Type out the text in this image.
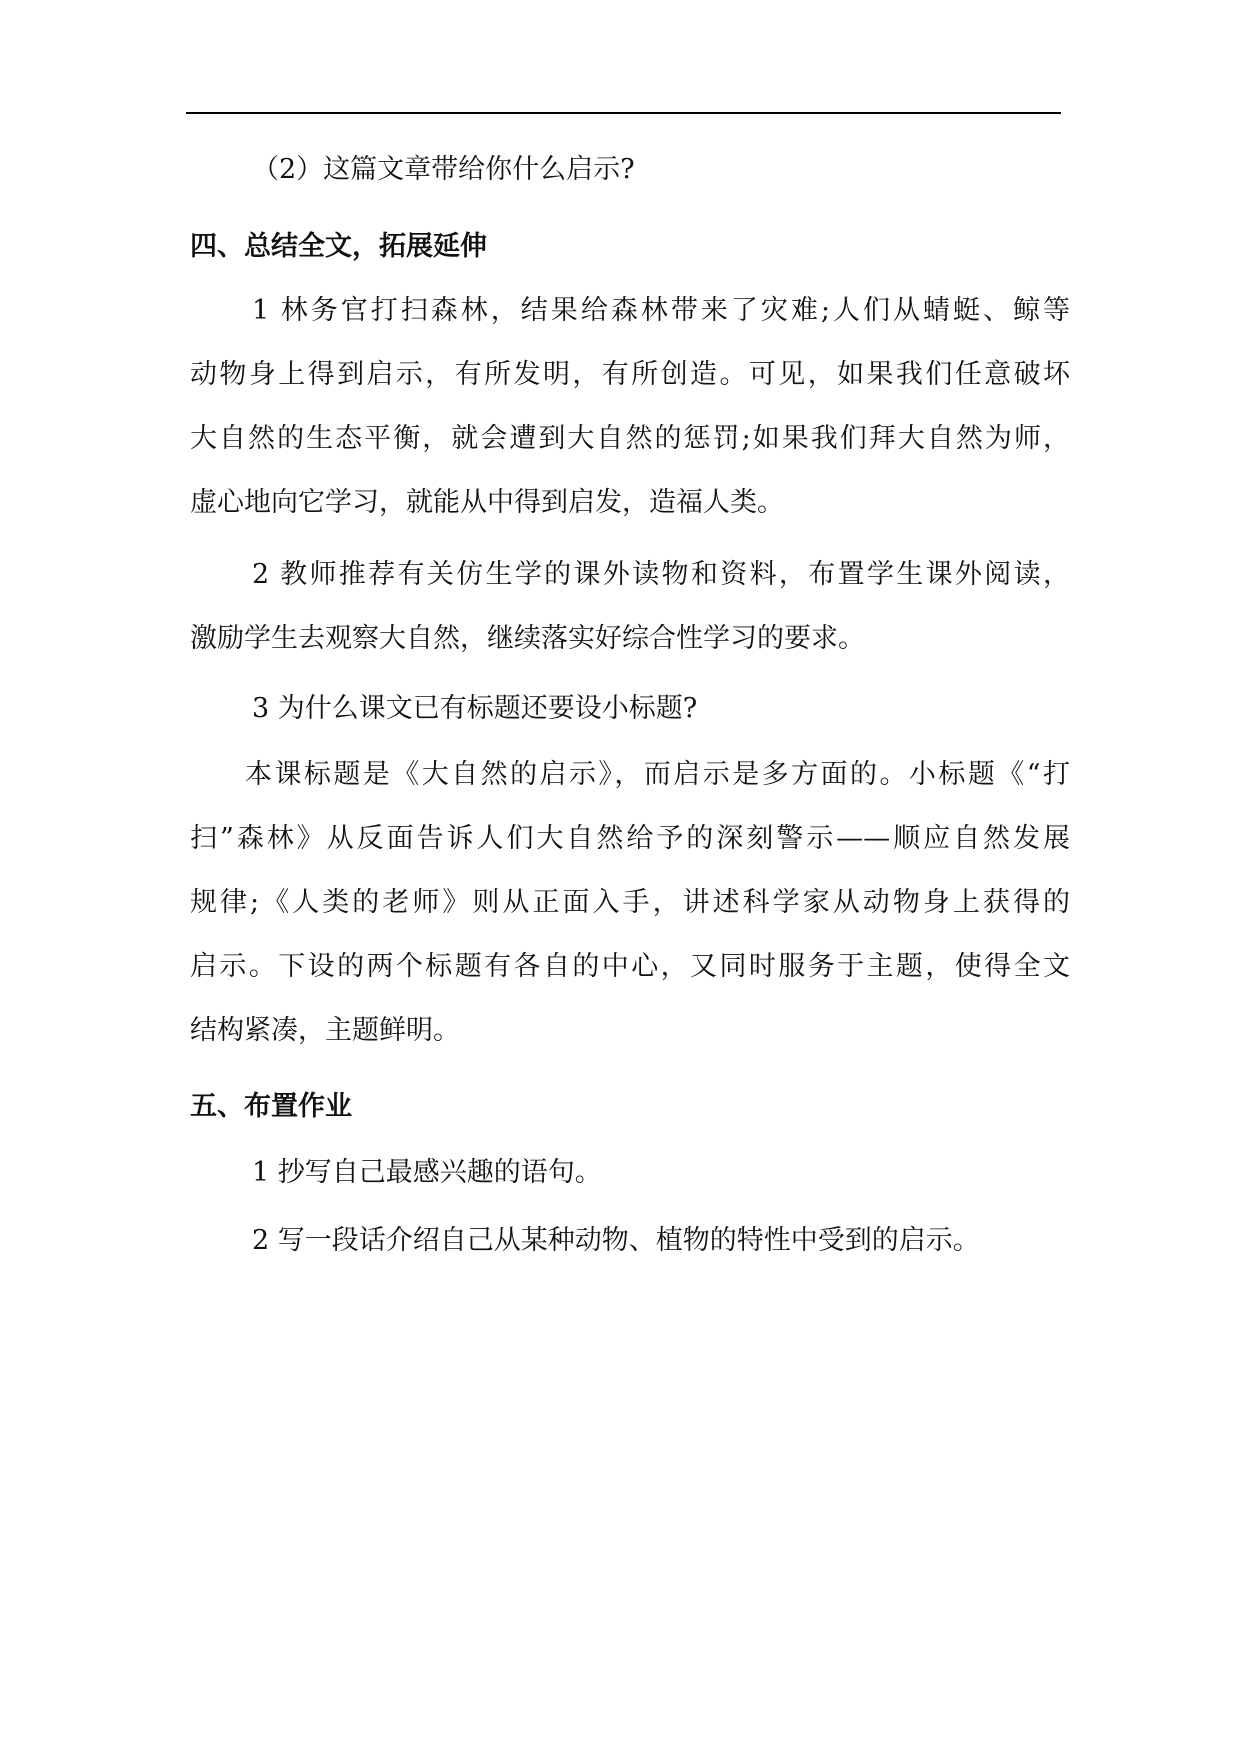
（2）这篇文章带给你什么启示?
四、总结全文，拓展延伸
1 林务官打扫森林，结果给森林带来了灾难;人们从蜻蜓、鲸等
动物身上得到启示，有所发明，有所创造。可见，如果我们任意破坏
大自然的生态平衡，就会遭到大自然的惩罚;如果我们拜大自然为师，
虚心地向它学习，就能从中得到启发，造福人类。
2 教师推荐有关仿生学的课外读物和资料，布置学生课外阅读，
激励学生去观察大自然，继续落实好综合性学习的要求。
3 为什么课文已有标题还要设小标题?
本课标题是《大自然的启示》，而启示是多方面的。小标题《“打
扫”森林》从反面告诉人们大自然给予的深刻警示——顺应自然发展
规律;《人类的老师》则从正面入手，讲述科学家从动物身上获得的
启示。下设的两个标题有各自的中心，又同时服务于主题，使得全文
结构紧凑，主题鲜明。
五、布置作业
1 抄写自己最感兴趣的语句。
2 写一段话介绍自己从某种动物、植物的特性中受到的启示。
